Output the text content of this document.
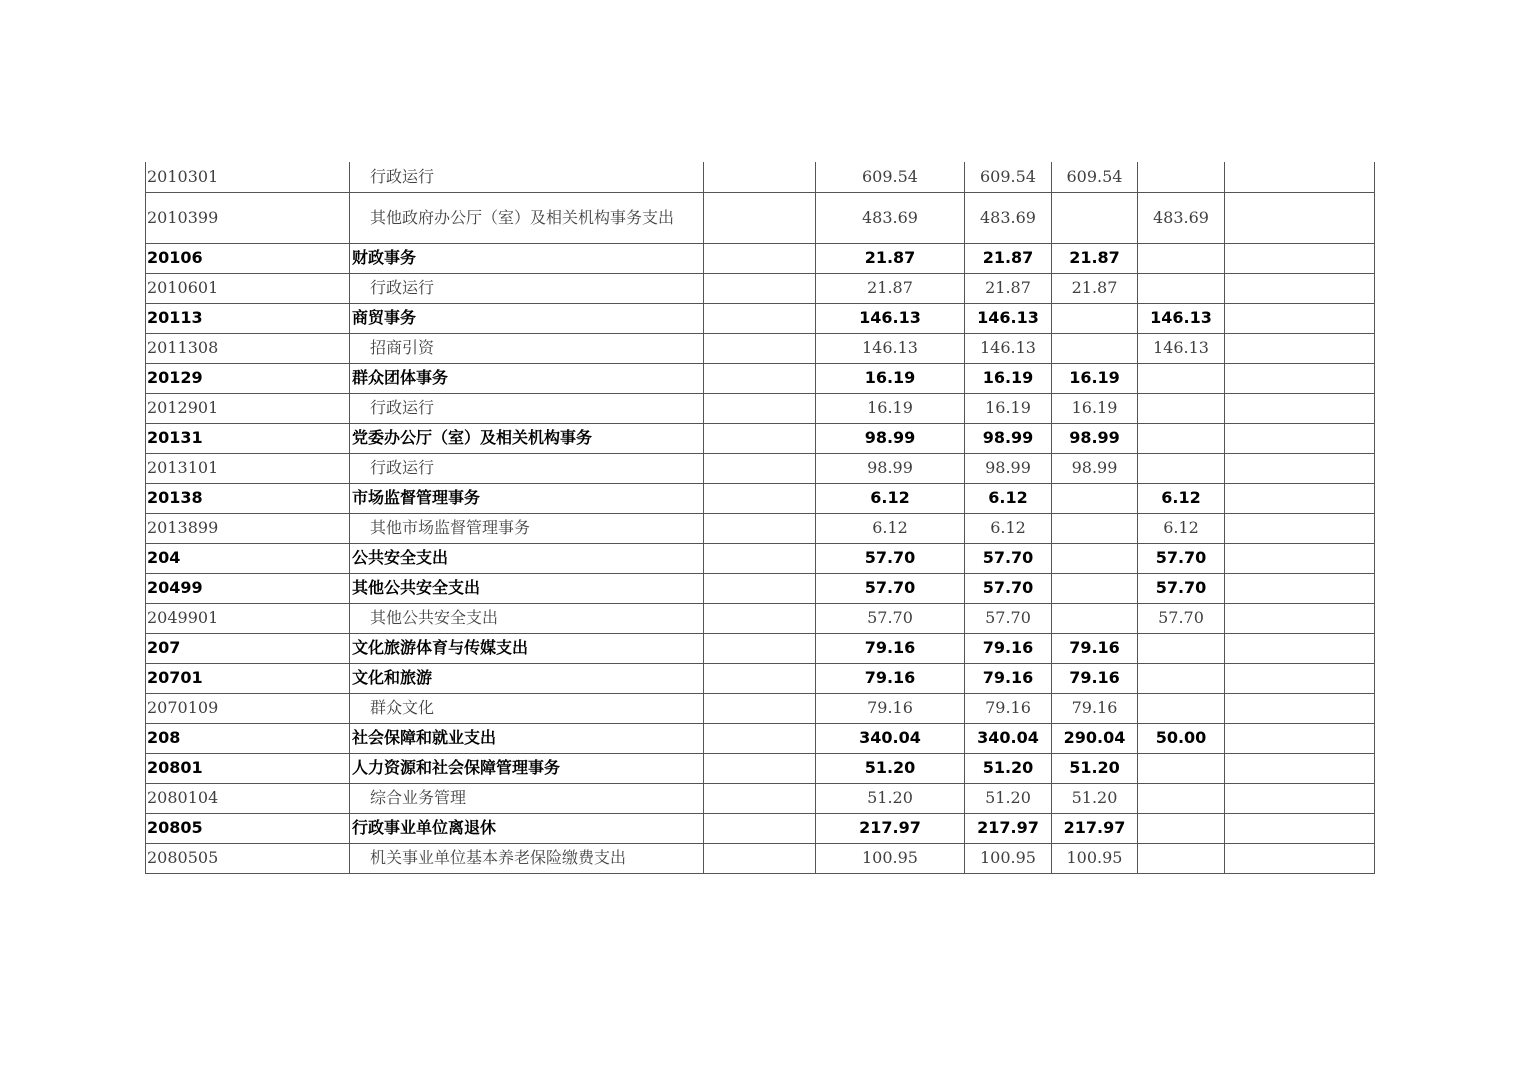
2010301	行政运行		609.54	609.54	609.54		
2010399	其他政府办公厅（室）及相关机构事务支出		483.69	483.69		483.69	
20106	财政事务		21.87	21.87	21.87		
2010601	行政运行		21.87	21.87	21.87		
20113	商贸事务		146.13	146.13		146.13	
2011308	招商引资		146.13	146.13		146.13	
20129	群众团体事务		16.19	16.19	16.19		
2012901	行政运行		16.19	16.19	16.19		
20131	党委办公厅（室）及相关机构事务		98.99	98.99	98.99		
2013101	行政运行		98.99	98.99	98.99		
20138	市场监督管理事务		6.12	6.12		6.12	
2013899	其他市场监督管理事务		6.12	6.12		6.12	
204	公共安全支出		57.70	57.70		57.70	
20499	其他公共安全支出		57.70	57.70		57.70	
2049901	其他公共安全支出		57.70	57.70		57.70	
207	文化旅游体育与传媒支出		79.16	79.16	79.16		
20701	文化和旅游		79.16	79.16	79.16		
2070109	群众文化		79.16	79.16	79.16		
208	社会保障和就业支出		340.04	340.04	290.04	50.00	
20801	人力资源和社会保障管理事务		51.20	51.20	51.20		
2080104	综合业务管理		51.20	51.20	51.20		
20805	行政事业单位离退休		217.97	217.97	217.97		
2080505	机关事业单位基本养老保险缴费支出		100.95	100.95	100.95		
